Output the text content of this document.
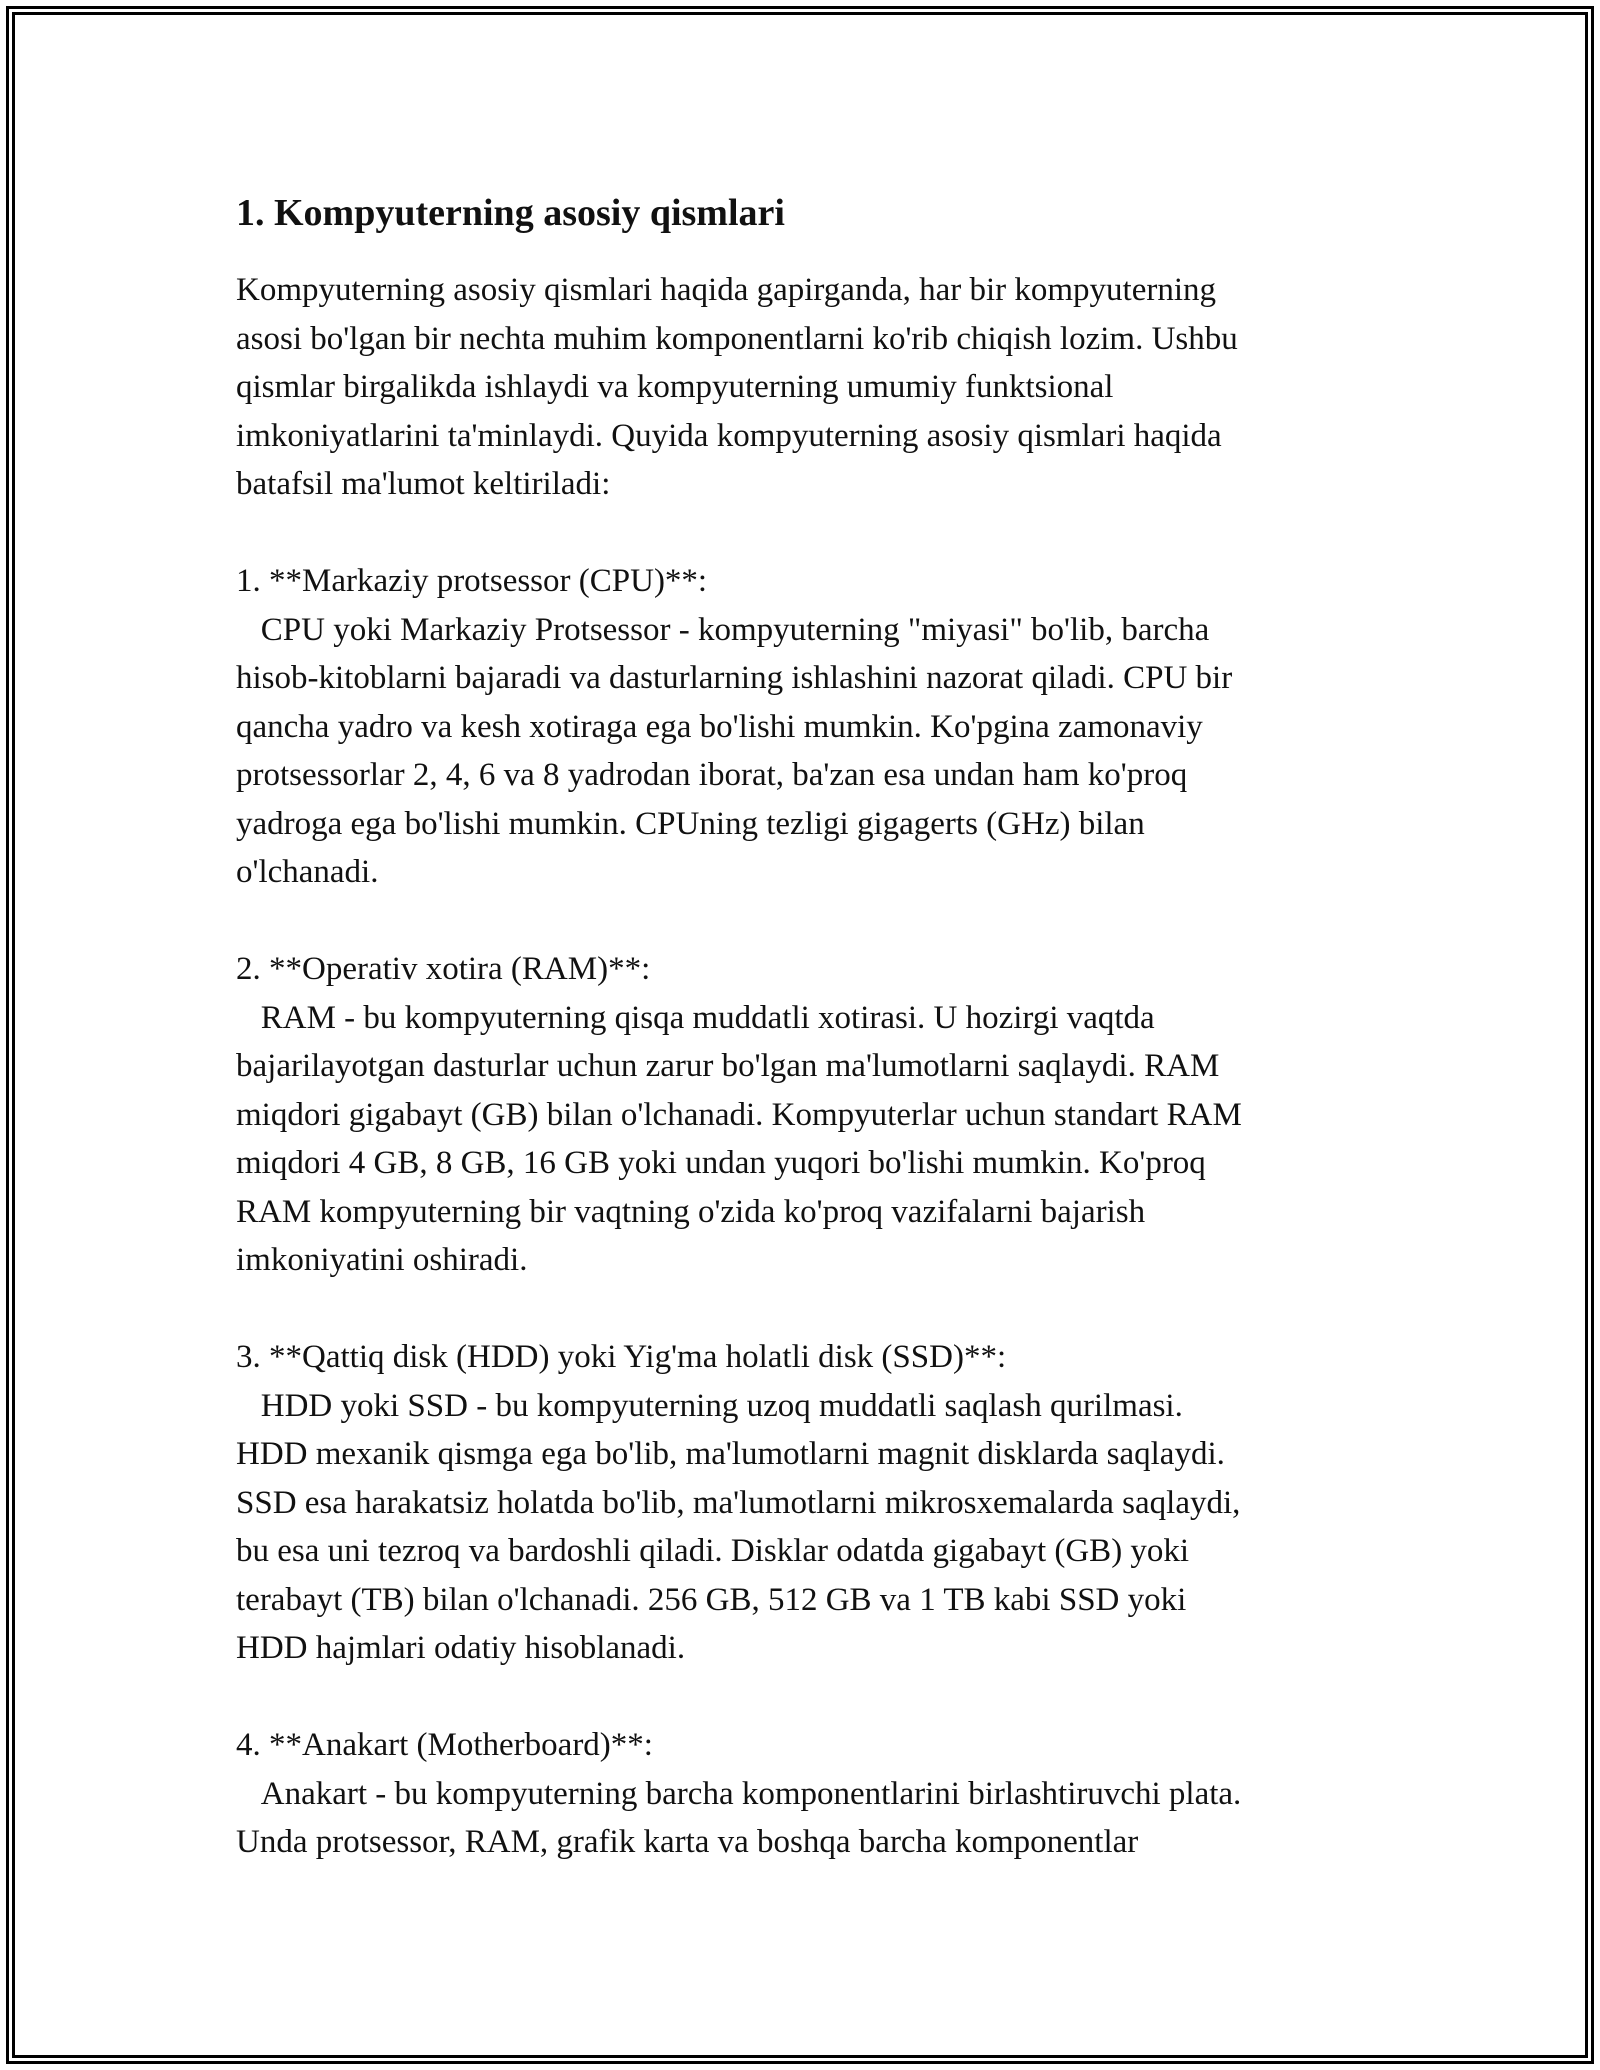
1. Kompyuterning asosiy qismlari

Kompyuterning asosiy qismlari haqida gapirganda, har bir kompyuterning
asosi bo'lgan bir nechta muhim komponentlarni ko'rib chiqish lozim. Ushbu
qismlar birgalikda ishlaydi va kompyuterning umumiy funktsional
imkoniyatlarini ta'minlaydi. Quyida kompyuterning asosiy qismlari haqida
batafsil ma'lumot keltiriladi:

1. **Markaziy protsessor (CPU)**:

CPU yoki Markaziy Protsessor - kompyuterning "miyasi" bo'lib, barcha
hisob-kitoblarni bajaradi va dasturlarning ishlashini nazorat qiladi. CPU bir
qancha yadro va kesh xotiraga ega bo'lishi mumkin. Ko'pgina zamonaviy
protsessorlar 2, 4, 6 va 8 yadrodan iborat, ba'zan esa undan ham ko'proq
yadroga ega bo'lishi mumkin. CPUning tezligi gigagerts (GHz) bilan
o'lchanadi.

2. **Operativ xotira (RAM)**:

RAM - bu kompyuterning qisqa muddatli xotirasi. U hozirgi vaqtda
bajarilayotgan dasturlar uchun zarur bo'lgan ma'lumotlarni saqlaydi. RAM
miqdori gigabayt (GB) bilan o'lchanadi. Kompyuterlar uchun standart RAM
miqdori 4 GB, 8 GB, 16 GB yoki undan yuqori bo'lishi mumkin. Ko'proq
RAM kompyuterning bir vaqtning o'zida ko'proq vazifalarni bajarish
imkoniyatini oshiradi.

3. **Qattiq disk (HDD) yoki Yig'ma holatli disk (SSD)**:

HDD yoki SSD - bu kompyuterning uzoq muddatli saqlash qurilmasi.
HDD mexanik qismga ega bo'lib, ma'lumotlarni magnit disklarda saqlaydi.
SSD esa harakatsiz holatda bo'lib, ma'lumotlarni mikrosxemalarda saqlaydi,
bu esa uni tezroq va bardoshli qiladi. Disklar odatda gigabayt (GB) yoki
terabayt (TB) bilan o'lchanadi. 256 GB, 512 GB va 1 TB kabi SSD yoki
HDD hajmlari odatiy hisoblanadi.

4. **Anakart (Motherboard)**:

Anakart - bu kompyuterning barcha komponentlarini birlashtiruvchi plata.
Unda protsessor, RAM, grafik karta va boshqa barcha komponentlar
